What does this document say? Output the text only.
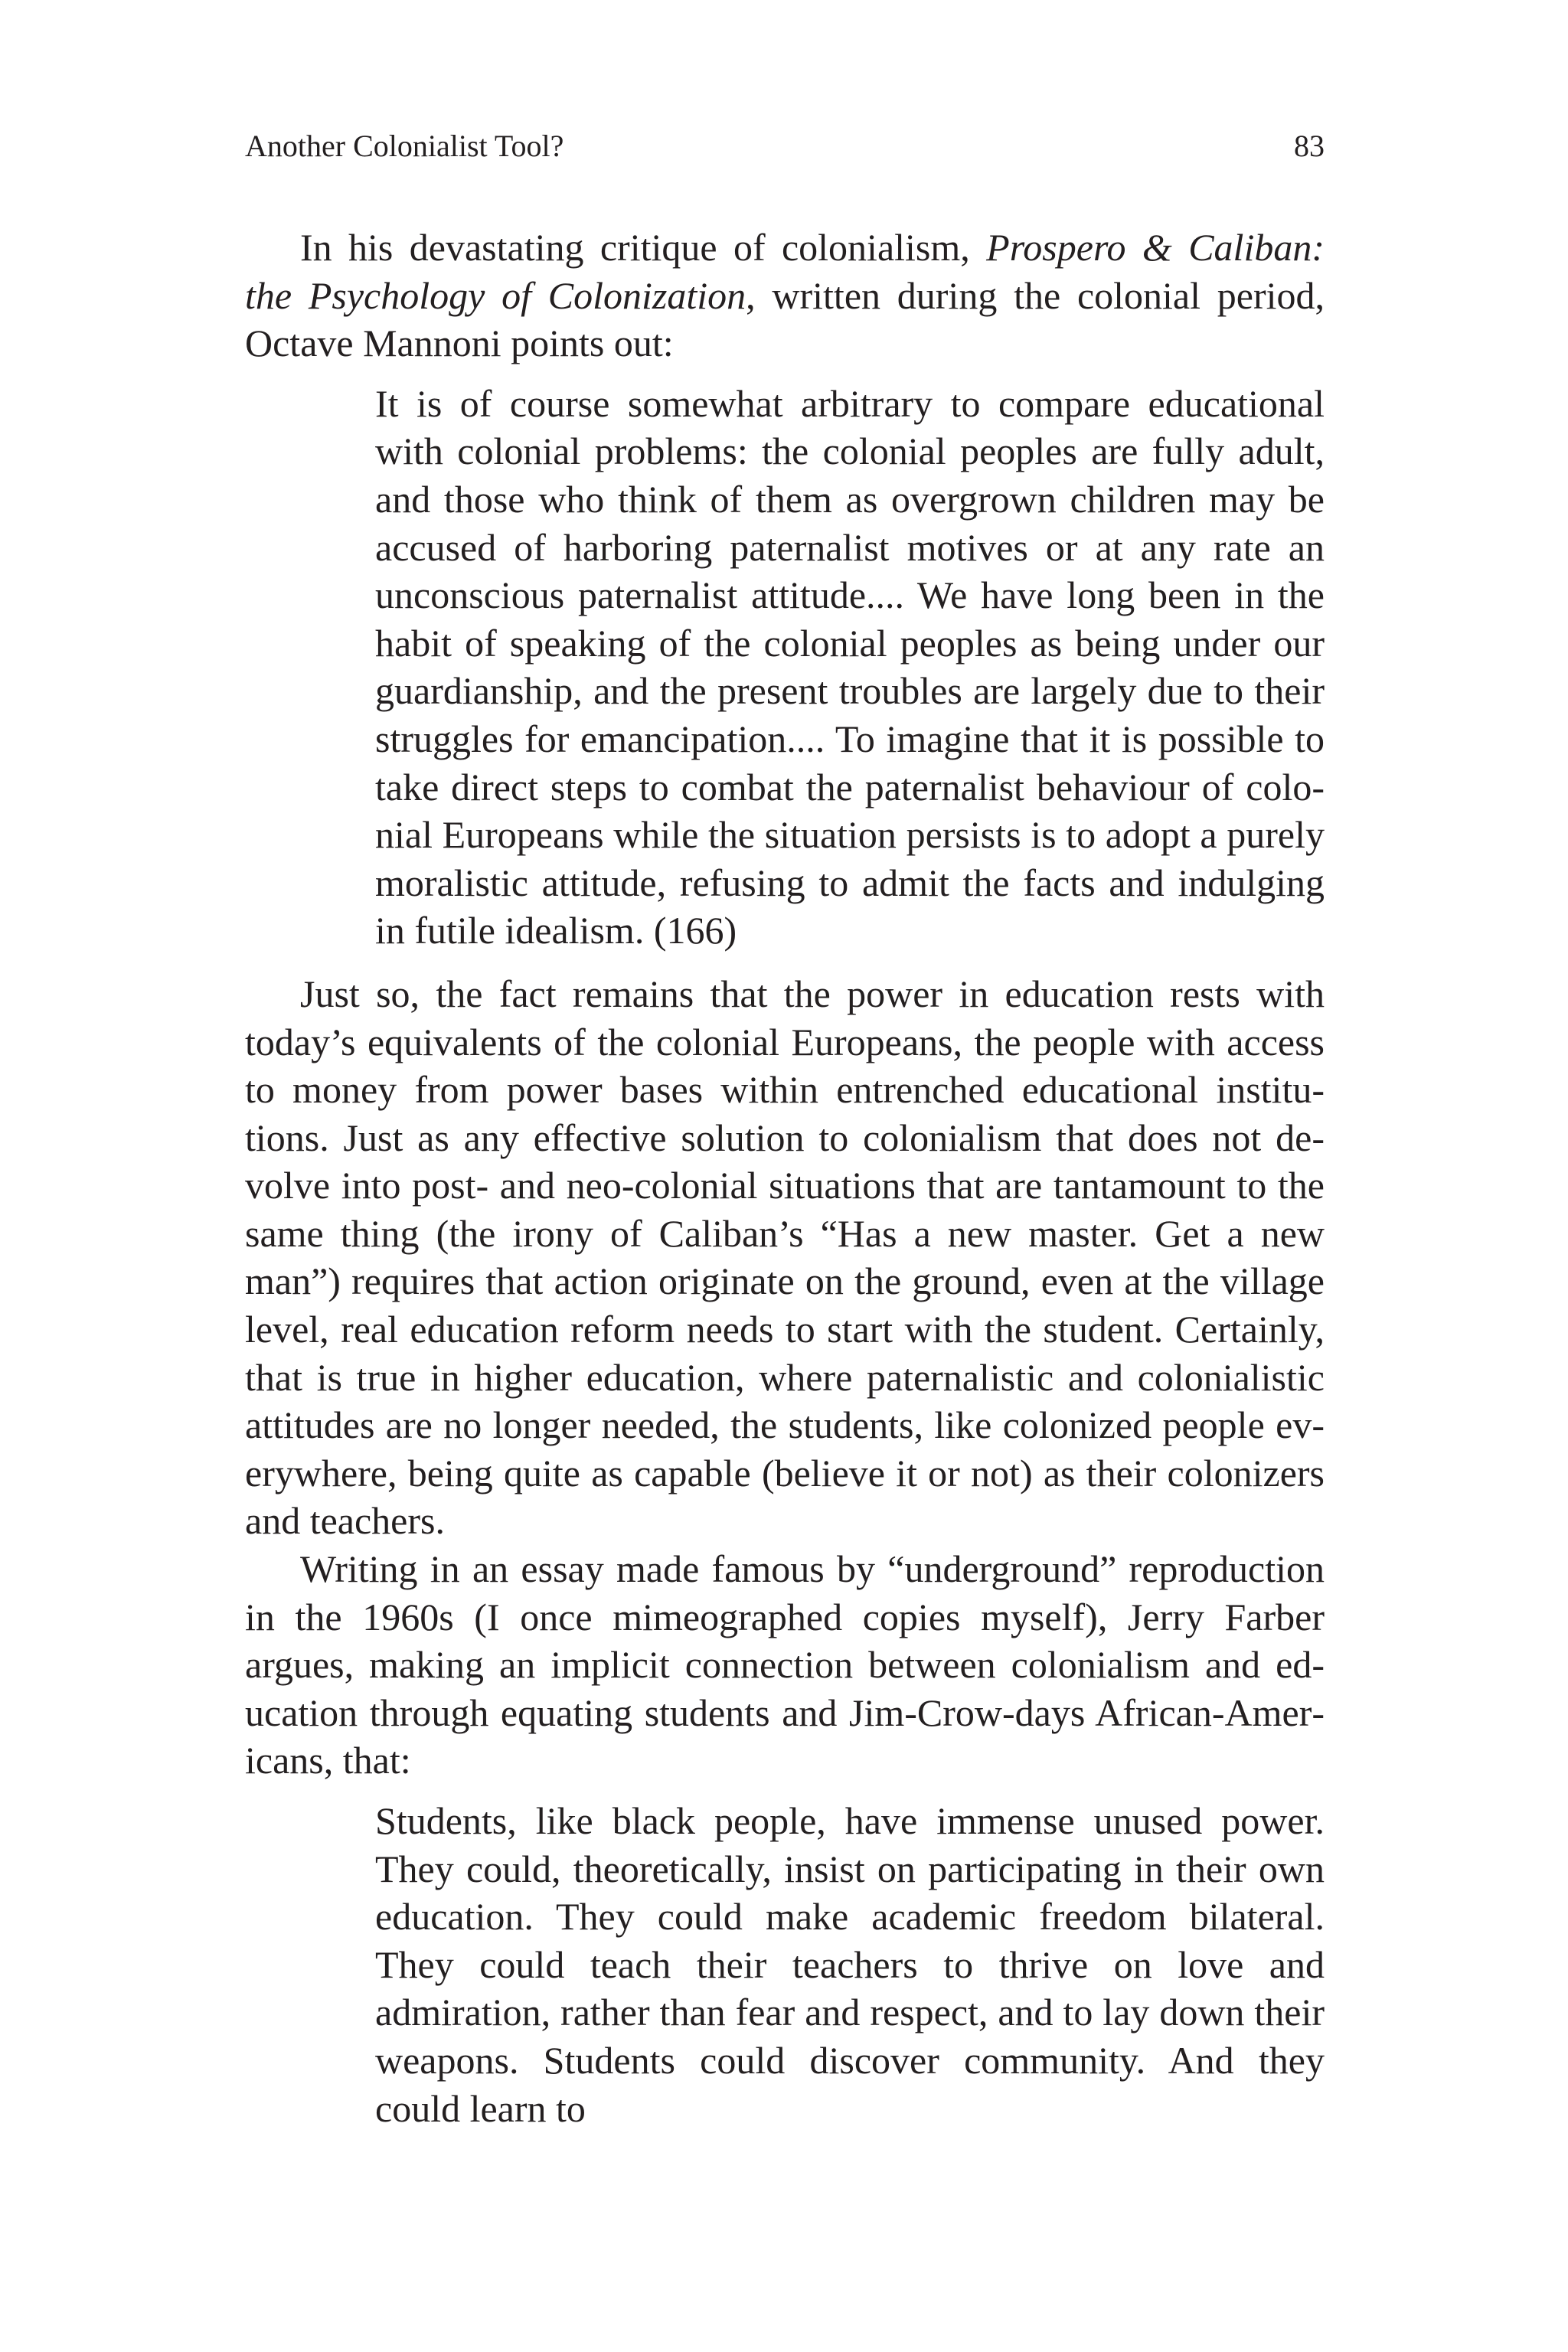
Another Colonialist Tool?	83

In his devastating critique of colonialism, Prospero & Caliban: the Psychology of Colonization, written during the colonial period, Octave Mannoni points out:

It is of course somewhat arbitrary to compare educational with colonial problems: the colonial peoples are fully adult, and those who think of them as overgrown children may be accused of harboring paternalist motives or at any rate an unconscious paternalist attitude.... We have long been in the habit of speaking of the colonial peoples as being under our guardianship, and the present troubles are largely due to their struggles for emancipation.... To imagine that it is possible to take direct steps to combat the paternalist behaviour of colonial Europeans while the situation persists is to adopt a purely moralistic attitude, refusing to admit the facts and indulging in futile idealism. (166)

Just so, the fact remains that the power in education rests with today’s equivalents of the colonial Europeans, the people with access to money from power bases within entrenched educational institutions. Just as any effective solution to colonialism that does not devolve into post- and neo-colonial situations that are tantamount to the same thing (the irony of Caliban’s “Has a new master. Get a new man”) requires that action originate on the ground, even at the village level, real education reform needs to start with the student. Certainly, that is true in higher education, where paternalistic and colonialistic attitudes are no longer needed, the students, like colonized people everywhere, being quite as capable (believe it or not) as their colonizers and teachers.

Writing in an essay made famous by “underground” reproduction in the 1960s (I once mimeographed copies myself), Jerry Farber argues, making an implicit connection between colonialism and education through equating students and Jim-Crow-days African-Americans, that:

Students, like black people, have immense unused power. They could, theoretically, insist on participating in their own education. They could make academic freedom bilateral. They could teach their teachers to thrive on love and admiration, rather than fear and respect, and to lay down their weapons. Students could discover community. And they could learn to
